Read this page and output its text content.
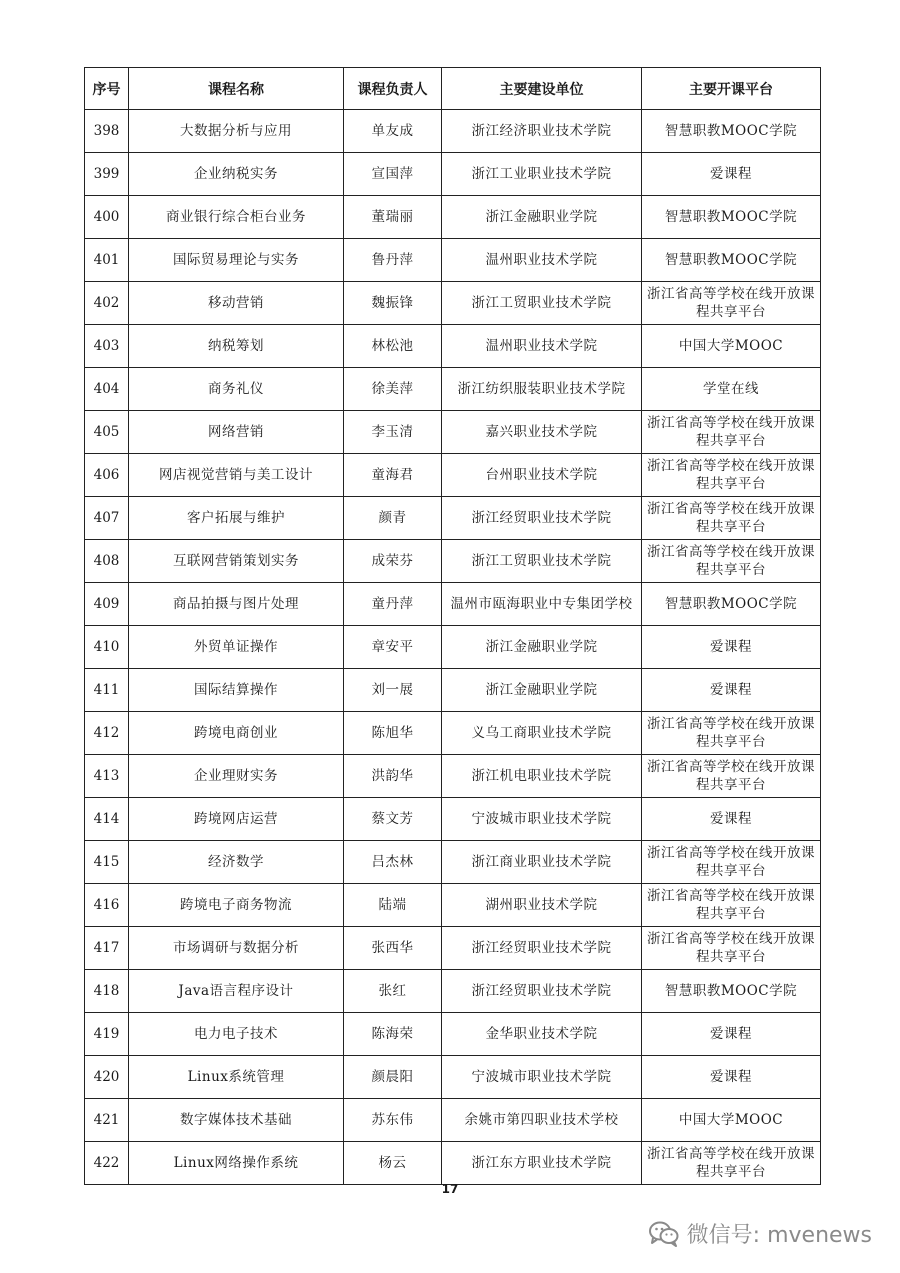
序号	课程名称	课程负责人	主要建设单位	主要开课平台
398	大数据分析与应用	单友成	浙江经济职业技术学院	智慧职教MOOC学院
399	企业纳税实务	宣国萍	浙江工业职业技术学院	爱课程
400	商业银行综合柜台业务	董瑞丽	浙江金融职业学院	智慧职教MOOC学院
401	国际贸易理论与实务	鲁丹萍	温州职业技术学院	智慧职教MOOC学院
402	移动营销	魏振锋	浙江工贸职业技术学院	浙江省高等学校在线开放课程共享平台
403	纳税筹划	林松池	温州职业技术学院	中国大学MOOC
404	商务礼仪	徐美萍	浙江纺织服装职业技术学院	学堂在线
405	网络营销	李玉清	嘉兴职业技术学院	浙江省高等学校在线开放课程共享平台
406	网店视觉营销与美工设计	童海君	台州职业技术学院	浙江省高等学校在线开放课程共享平台
407	客户拓展与维护	颜青	浙江经贸职业技术学院	浙江省高等学校在线开放课程共享平台
408	互联网营销策划实务	成荣芬	浙江工贸职业技术学院	浙江省高等学校在线开放课程共享平台
409	商品拍摄与图片处理	童丹萍	温州市瓯海职业中专集团学校	智慧职教MOOC学院
410	外贸单证操作	章安平	浙江金融职业学院	爱课程
411	国际结算操作	刘一展	浙江金融职业学院	爱课程
412	跨境电商创业	陈旭华	义乌工商职业技术学院	浙江省高等学校在线开放课程共享平台
413	企业理财实务	洪韵华	浙江机电职业技术学院	浙江省高等学校在线开放课程共享平台
414	跨境网店运营	蔡文芳	宁波城市职业技术学院	爱课程
415	经济数学	吕杰林	浙江商业职业技术学院	浙江省高等学校在线开放课程共享平台
416	跨境电子商务物流	陆端	湖州职业技术学院	浙江省高等学校在线开放课程共享平台
417	市场调研与数据分析	张西华	浙江经贸职业技术学院	浙江省高等学校在线开放课程共享平台
418	Java语言程序设计	张红	浙江经贸职业技术学院	智慧职教MOOC学院
419	电力电子技术	陈海荣	金华职业技术学院	爱课程
420	Linux系统管理	颜晨阳	宁波城市职业技术学院	爱课程
421	数字媒体技术基础	苏东伟	余姚市第四职业技术学校	中国大学MOOC
422	Linux网络操作系统	杨云	浙江东方职业技术学院	浙江省高等学校在线开放课程共享平台
17
微信号: mvenews
